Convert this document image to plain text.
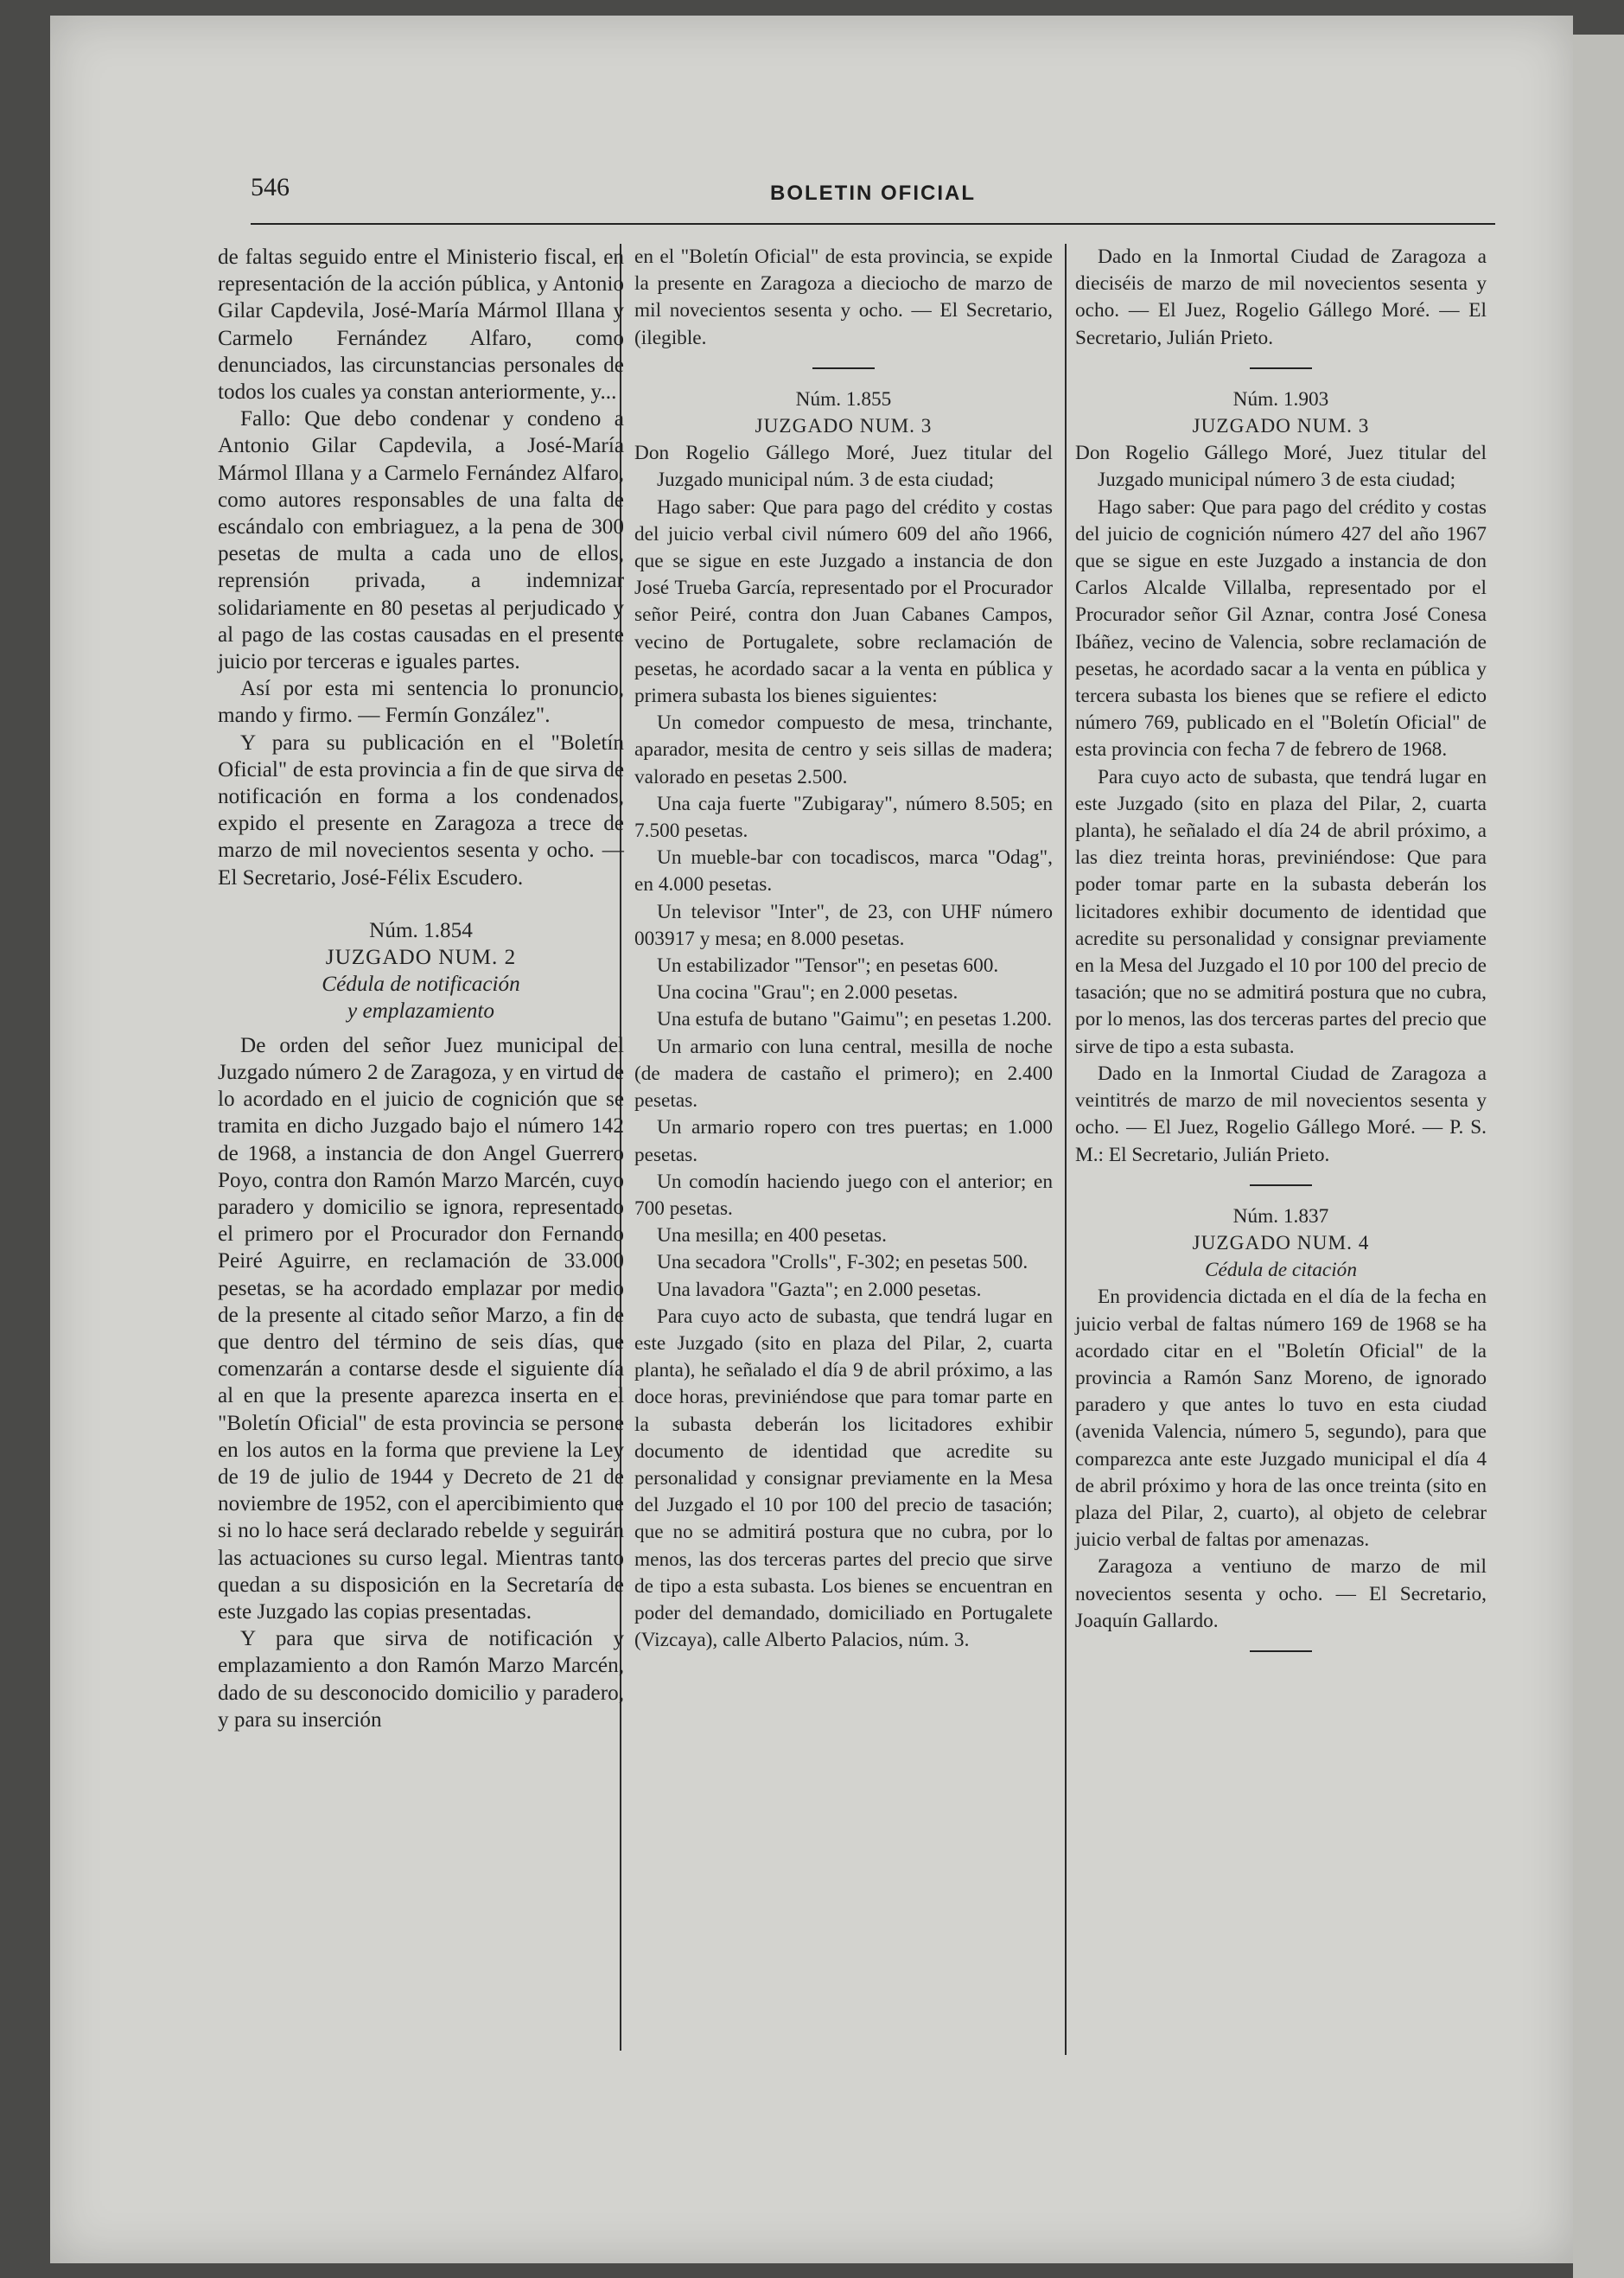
546	BOLETIN OFICIAL

de faltas seguido entre el Ministerio fiscal, en representación de la acción pública, y Antonio Gilar Capdevila, José-María Mármol Illana y Carmelo Fernández Alfaro, como denunciados, las circunstancias personales de todos los cuales ya constan anteriormente, y...

Fallo: Que debo condenar y condeno a Antonio Gilar Capdevila, a José-María Mármol Illana y a Carmelo Fernández Alfaro, como autores responsables de una falta de escándalo con embriaguez, a la pena de 300 pesetas de multa a cada uno de ellos, reprensión privada, a indemnizar solidariamente en 80 pesetas al perjudicado y al pago de las costas causadas en el presente juicio por terceras e iguales partes.

Así por esta mi sentencia lo pronuncio, mando y firmo. — Fermín González".

Y para su publicación en el "Boletín Oficial" de esta provincia a fin de que sirva de notificación en forma a los condenados, expido el presente en Zaragoza a trece de marzo de mil novecientos sesenta y ocho. — El Secretario, José-Félix Escudero.

Núm. 1.854

JUZGADO NUM. 2

Cédula de notificación

y emplazamiento

De orden del señor Juez municipal del Juzgado número 2 de Zaragoza, y en virtud de lo acordado en el juicio de cognición que se tramita en dicho Juzgado bajo el número 142 de 1968, a instancia de don Angel Guerrero Poyo, contra don Ramón Marzo Marcén, cuyo paradero y domicilio se ignora, representado el primero por el Procurador don Fernando Peiré Aguirre, en reclamación de 33.000 pesetas, se ha acordado emplazar por medio de la presente al citado señor Marzo, a fin de que dentro del término de seis días, que comenzarán a contarse desde el siguiente día al en que la presente aparezca inserta en el "Boletín Oficial" de esta provincia se persone en los autos en la forma que previene la Ley de 19 de julio de 1944 y Decreto de 21 de noviembre de 1952, con el apercibimiento que si no lo hace será declarado rebelde y seguirán las actuaciones su curso legal. Mientras tanto quedan a su disposición en la Secretaría de este Juzgado las copias presentadas.

Y para que sirva de notificación y emplazamiento a don Ramón Marzo Marcén, dado de su desconocido domicilio y paradero, y para su inserción

en el "Boletín Oficial" de esta provincia, se expide la presente en Zaragoza a dieciocho de marzo de mil novecientos sesenta y ocho. — El Secretario, (ilegible.

Núm. 1.855

JUZGADO NUM. 3

Don Rogelio Gállego Moré, Juez titular del Juzgado municipal núm. 3 de esta ciudad;

Hago saber: Que para pago del crédito y costas del juicio verbal civil número 609 del año 1966, que se sigue en este Juzgado a instancia de don José Trueba García, representado por el Procurador señor Peiré, contra don Juan Cabanes Campos, vecino de Portugalete, sobre reclamación de pesetas, he acordado sacar a la venta en pública y primera subasta los bienes siguientes:

Un comedor compuesto de mesa, trinchante, aparador, mesita de centro y seis sillas de madera; valorado en pesetas 2.500.

Una caja fuerte "Zubigaray", número 8.505; en 7.500 pesetas.

Un mueble-bar con tocadiscos, marca "Odag", en 4.000 pesetas.

Un televisor "Inter", de 23, con UHF número 003917 y mesa; en 8.000 pesetas.

Un estabilizador "Tensor"; en pesetas 600.

Una cocina "Grau"; en 2.000 pesetas.

Una estufa de butano "Gaimu"; en pesetas 1.200.

Un armario con luna central, mesilla de noche (de madera de castaño el primero); en 2.400 pesetas.

Un armario ropero con tres puertas; en 1.000 pesetas.

Un comodín haciendo juego con el anterior; en 700 pesetas.

Una mesilla; en 400 pesetas.

Una secadora "Crolls", F-302; en pesetas 500.

Una lavadora "Gazta"; en 2.000 pesetas.

Para cuyo acto de subasta, que tendrá lugar en este Juzgado (sito en plaza del Pilar, 2, cuarta planta), he señalado el día 9 de abril próximo, a las doce horas, previniéndose que para tomar parte en la subasta deberán los licitadores exhibir documento de identidad que acredite su personalidad y consignar previamente en la Mesa del Juzgado el 10 por 100 del precio de tasación; que no se admitirá postura que no cubra, por lo menos, las dos terceras partes del precio que sirve de tipo a esta subasta. Los bienes se encuentran en poder del demandado, domiciliado en Portugalete (Vizcaya), calle Alberto Palacios, núm. 3.

Dado en la Inmortal Ciudad de Zaragoza a dieciséis de marzo de mil novecientos sesenta y ocho. — El Juez, Rogelio Gállego Moré. — El Secretario, Julián Prieto.

Núm. 1.903

JUZGADO NUM. 3

Don Rogelio Gállego Moré, Juez titular del Juzgado municipal número 3 de esta ciudad;

Hago saber: Que para pago del crédito y costas del juicio de cognición número 427 del año 1967 que se sigue en este Juzgado a instancia de don Carlos Alcalde Villalba, representado por el Procurador señor Gil Aznar, contra José Conesa Ibáñez, vecino de Valencia, sobre reclamación de pesetas, he acordado sacar a la venta en pública y tercera subasta los bienes que se refiere el edicto número 769, publicado en el "Boletín Oficial" de esta provincia con fecha 7 de febrero de 1968.

Para cuyo acto de subasta, que tendrá lugar en este Juzgado (sito en plaza del Pilar, 2, cuarta planta), he señalado el día 24 de abril próximo, a las diez treinta horas, previniéndose: Que para poder tomar parte en la subasta deberán los licitadores exhibir documento de identidad que acredite su personalidad y consignar previamente en la Mesa del Juzgado el 10 por 100 del precio de tasación; que no se admitirá postura que no cubra, por lo menos, las dos terceras partes del precio que sirve de tipo a esta subasta.

Dado en la Inmortal Ciudad de Zaragoza a veintitrés de marzo de mil novecientos sesenta y ocho. — El Juez, Rogelio Gállego Moré. — P. S. M.: El Secretario, Julián Prieto.

Núm. 1.837

JUZGADO NUM. 4

Cédula de citación

En providencia dictada en el día de la fecha en juicio verbal de faltas número 169 de 1968 se ha acordado citar en el "Boletín Oficial" de la provincia a Ramón Sanz Moreno, de ignorado paradero y que antes lo tuvo en esta ciudad (avenida Valencia, número 5, segundo), para que comparezca ante este Juzgado municipal el día 4 de abril próximo y hora de las once treinta (sito en plaza del Pilar, 2, cuarto), al objeto de celebrar juicio verbal de faltas por amenazas.

Zaragoza a ventiuno de marzo de mil novecientos sesenta y ocho. — El Secretario, Joaquín Gallardo.
